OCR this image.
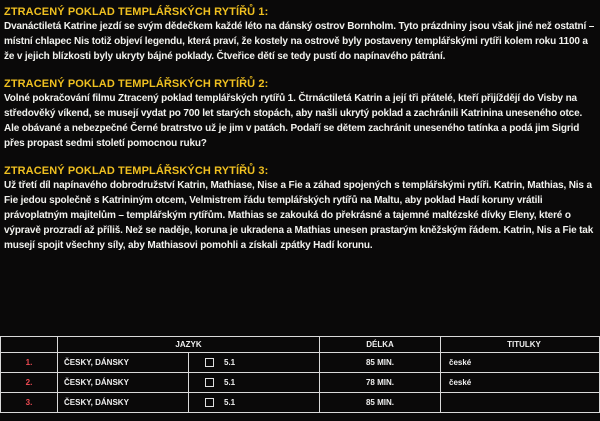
ZTRACENÝ POKLAD TEMPLÁŘSKÝCH RYTÍŘŮ 1:

Dvanáctiletá Katrine jezdí se svým dědečkem každé léto na dánský ostrov Bornholm. Tyto prázdniny jsou však jiné než ostatní – místní chlapec Nis totiž objeví legendu, která praví, že kostely na ostrově byly postaveny templářskými rytíři kolem roku 1100 a že v jejich blízkosti byly ukryty bájné poklady. Čtveřice dětí se tedy pustí do napínavého pátrání.

ZTRACENÝ POKLAD TEMPLÁŘSKÝCH RYTÍŘŮ 2:

Volné pokračování filmu Ztracený poklad templářských rytířů 1. Čtrnáctiletá Katrin a její tři přátelé, kteří přijíždějí do Visby na středověký víkend, se musejí vydat po 700 let starých stopách, aby našli ukrytý poklad a zachránili Katrinina uneseného otce. Ale obávané a nebezpečné Černé bratrstvo už je jim v patách. Podaří se dětem zachránit uneseného tatínka a podá jim Sigrid přes propast sedmi století pomocnou ruku?

ZTRACENÝ POKLAD TEMPLÁŘSKÝCH RYTÍŘŮ 3:

Už třetí díl napínavého dobrodružství Katrin, Mathiase, Nise a Fie a záhad spojených s templářskými rytíři. Katrin, Mathias, Nis a Fie jedou společně s Katrininým otcem, Velmistrem řádu templářských rytířů na Maltu, aby poklad Hadí koruny vrátili právoplatným majitelům – templářským rytířům. Mathias se zakouká do překrásné a tajemné maltézské dívky Eleny, které o výpravě prozradí až příliš. Než se naděje, koruna je ukradena a Mathias unesen prastarým kněžským řádem. Katrin, Nis a Fie tak musejí spojit všechny síly, aby Mathiasovi pomohli a získali zpátky Hadí korunu.

	JAZYK		DÉLKA	TITULKY
1.	ČESKY, DÁNSKY	5.1	85 MIN.	české
2.	ČESKY, DÁNSKY	5.1	78 MIN.	české
3.	ČESKY, DÁNSKY	5.1	85 MIN.	
